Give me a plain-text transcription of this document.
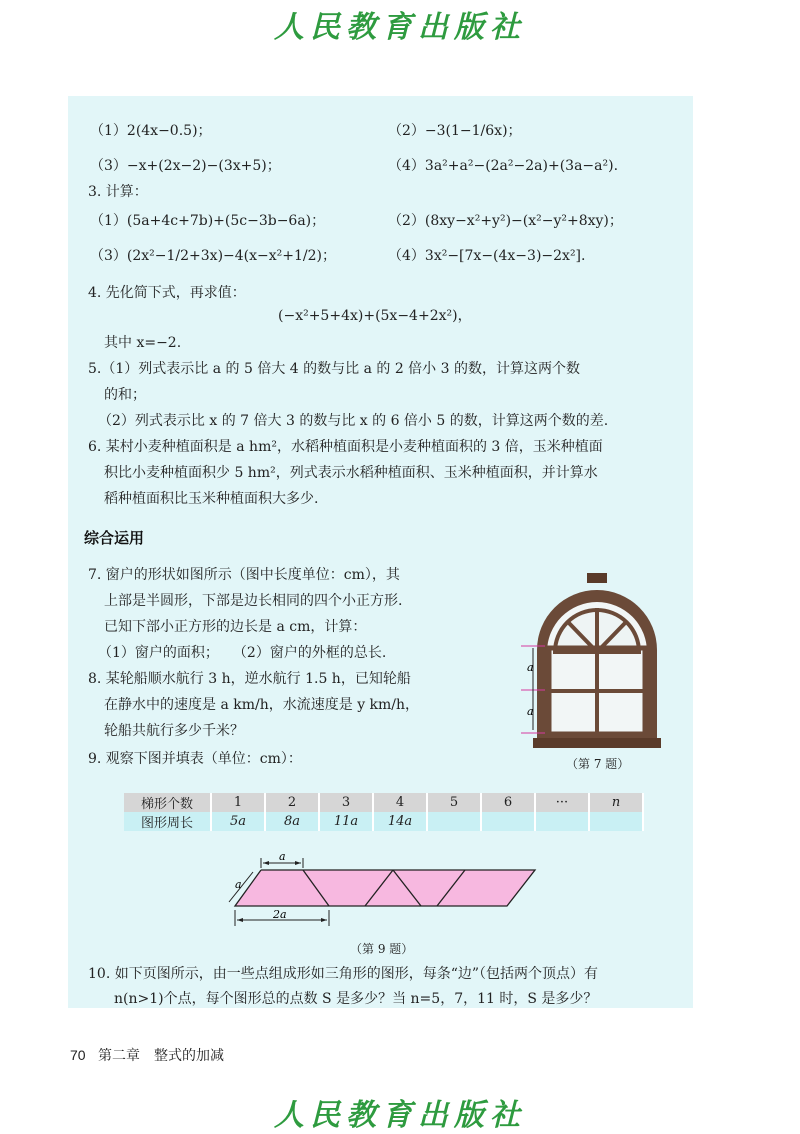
人民教育出版社
（1）2(4x−0.5)；	（2）−3(1−1/6x)；
（3）−x+(2x−2)−(3x+5)；	（4）3a²+a²−(2a²−2a)+(3a−a²).
3. 计算：
（1）(5a+4c+7b)+(5c−3b−6a)；	（2）(8xy−x²+y²)−(x²−y²+8xy)；
（3）(2x²−1/2+3x)−4(x−x²+1/2)；	（4）3x²−[7x−(4x−3)−2x²].
4. 先化简下式，再求值：
(−x²+5+4x)+(5x−4+2x²)，
其中 x=−2.
5.（1）列式表示比 a 的 5 倍大 4 的数与比 a 的 2 倍小 3 的数，计算这两个数
的和；
（2）列式表示比 x 的 7 倍大 3 的数与比 x 的 6 倍小 5 的数，计算这两个数的差.
6. 某村小麦种植面积是 a hm²，水稻种植面积是小麦种植面积的 3 倍，玉米种植面
积比小麦种植面积少 5 hm²，列式表示水稻种植面积、玉米种植面积，并计算水
稻种植面积比玉米种植面积大多少.
综合运用
7. 窗户的形状如图所示（图中长度单位：cm），其
上部是半圆形，下部是边长相同的四个小正方形.
已知下部小正方形的边长是 a cm，计算：
（1）窗户的面积；　　（2）窗户的外框的总长.
8. 某轮船顺水航行 3 h，逆水航行 1.5 h，已知轮船
在静水中的速度是 a km/h，水流速度是 y km/h，
轮船共航行多少千米？
9. 观察下图并填表（单位：cm）：
a
a
（第 7 题）
梯形个数	1	2	3	4	5	6	···	n
图形周长	5a	8a	11a	14a				
a
a
2a
（第 9 题）
10. 如下页图所示，由一些点组成形如三角形的图形，每条“边”（包括两个顶点）有
n(n>1)个点，每个图形总的点数 S 是多少？当 n=5，7，11 时，S 是多少？
70 第二章　整式的加减
人民教育出版社
